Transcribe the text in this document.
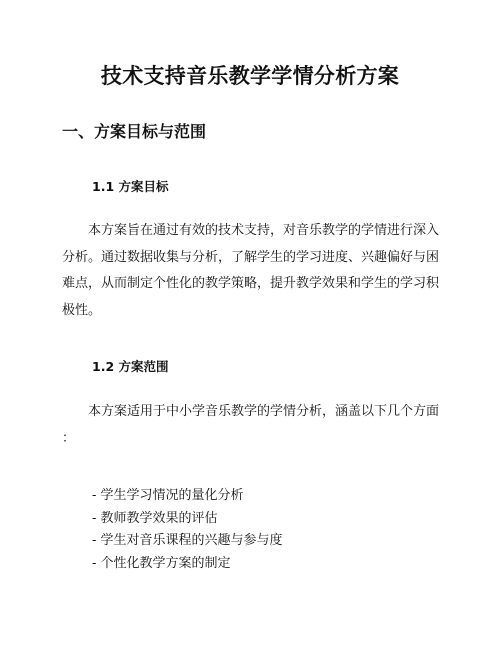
技术支持音乐教学学情分析方案
一、方案目标与范围
1.1 方案目标

本方案旨在通过有效的技术支持，对音乐教学的学情进行深入
分析。通过数据收集与分析，了解学生的学习进度、兴趣偏好与困
难点，从而制定个性化的教学策略，提升教学效果和学生的学习积
极性。

1.2 方案范围

本方案适用于中小学音乐教学的学情分析，涵盖以下几个方面
：

- 学生学习情况的量化分析
- 教师教学效果的评估
- 学生对音乐课程的兴趣与参与度
- 个性化教学方案的制定
